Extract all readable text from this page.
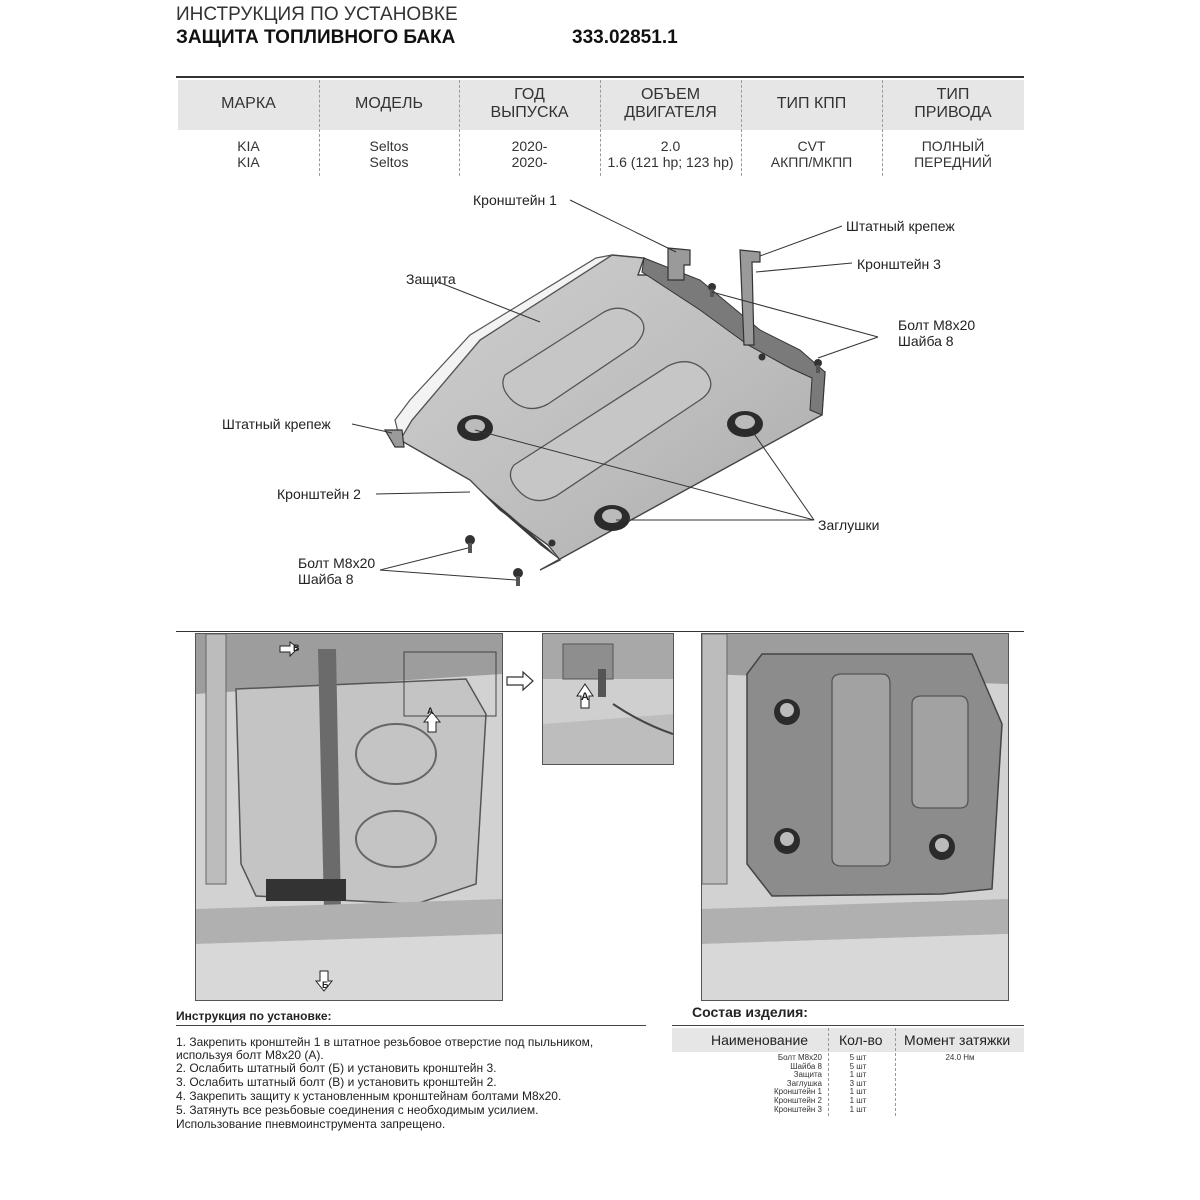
ИНСТРУКЦИЯ ПО УСТАНОВКЕ
ЗАЩИТА ТОПЛИВНОГО БАКА	333.02851.1
МАРКА	МОДЕЛЬ
ГОД
ВЫПУСКА
ОБЪЕМ
ДВИГАТЕЛЯ
ТИП КПП
ТИП
ПРИВОДА
KIA
KIA
Seltos
Seltos
2020-
2020-
2.0
1.6 (121 hp; 123 hp)
CVT
АКПП/МКПП
ПОЛНЫЙ
ПЕРЕДНИЙ
Кронштейн 1
Штатный крепеж
Кронштейн 3
Болт M8x20
Шайба 8
Защита
Штатный крепеж
Кронштейн 2
Заглушки
Болт M8x20
Шайба 8
A
Б
B
A
Инструкция по установке:
1. Закрепить кронштейн 1 в штатное резьбовое отверстие под пыльником,
используя болт M8x20 (А).
2. Ослабить штатный болт (Б) и установить кронштейн 3.
3. Ослабить штатный болт (В) и установить кронштейн 2.
4. Закрепить защиту к установленным кронштейнам болтами M8x20.
5. Затянуть все резьбовые соединения с необходимым усилием.
Использование пневмоинструмента запрещено.
Состав изделия:
Наименование Кол-во Момент затяжки
Болт M8x20
Шайба 8
Защита
Заглушка
Кронштейн 1
Кронштейн 2
Кронштейн 3
5 шт
5 шт
1 шт
3 шт
1 шт
1 шт
1 шт
24.0 Нм
